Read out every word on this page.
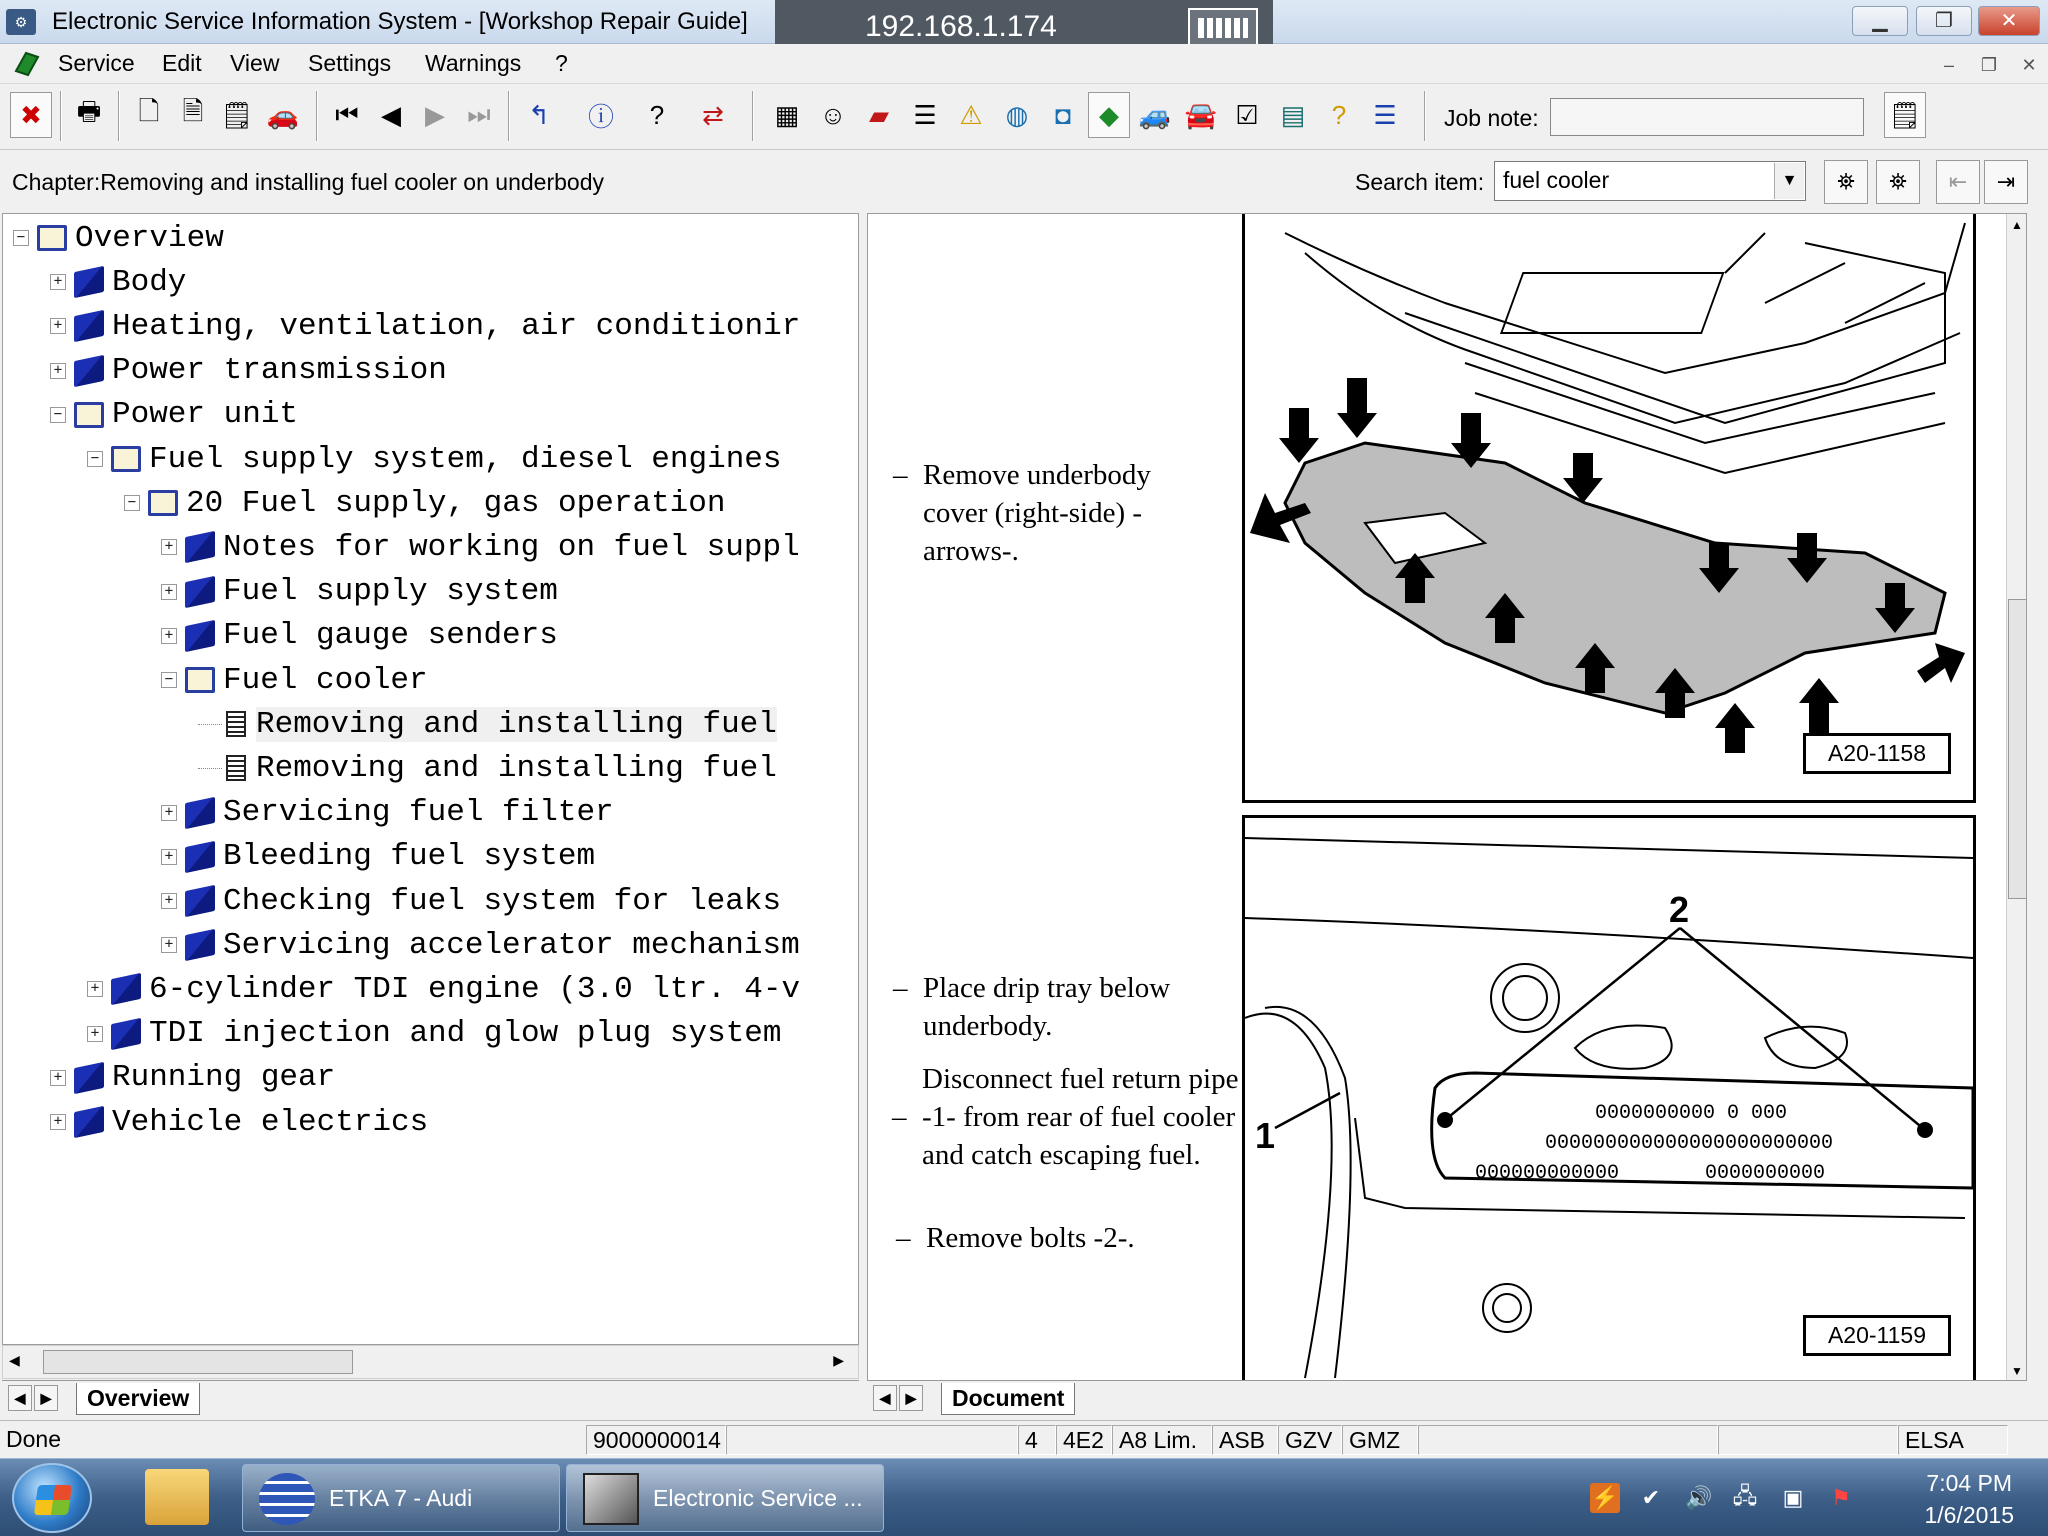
⚙	Electronic Service Information System - [Workshop Repair Guide]	▁	❐	✕
192.168.1.174
Service Edit View Settings Warnings ?	–	❐	✕
✖	🖶	🗋 🗎 🗒 🚗	⏮ ◀ ▶ ⏭	↰	ⓘ	?	⇄	▦ ☺ ▰ ☰ ⚠ ◍	◘	◆ 🚙 🚘 ☑ ▤	?	☰	Job note:	🗒
Chapter:Removing and installing fuel cooler on underbody	Search item: fuel cooler	▼	⛯	⛯	⇤	⇥
− Overview
+ Body
+ Heating, ventilation, air conditionir
+ Power transmission
− Power unit
− Fuel supply system, diesel engines
− 20 Fuel supply, gas operation
+ Notes for working on fuel suppl
+ Fuel supply system
+ Fuel gauge senders
− Fuel cooler
Removing and installing fuel
Removing and installing fuel
+ Servicing fuel filter
+ Bleeding fuel system
+ Checking fuel system for leaks
+ Servicing accelerator mechanism
+ 6-cylinder TDI engine (3.0 ltr. 4-v
+ TDI injection and glow plug system
+ Running gear
+ Vehicle electrics
◀	▶
◀	▶	Overview
– Remove underbody cover (right-side) -arrows-.
– Place drip tray below underbody.
–
Disconnect fuel return pipe -1- from rear of fuel cooler and catch escaping fuel.
– Remove bolts -2-.
A20-1158
0000000000 0 000
000000000000000000000000
000000000000	0000000000
2
1
A20-1159
▲
▼
◀	▶	Document
Done	9000000014	4	4E2 A8 Lim. ASB GZV GMZ	ELSA
ETKA 7 - Audi	Electronic Service ...	⚡ ✔ 🔊 🖧 ▣ ⚑
7:04 PM
1/6/2015
